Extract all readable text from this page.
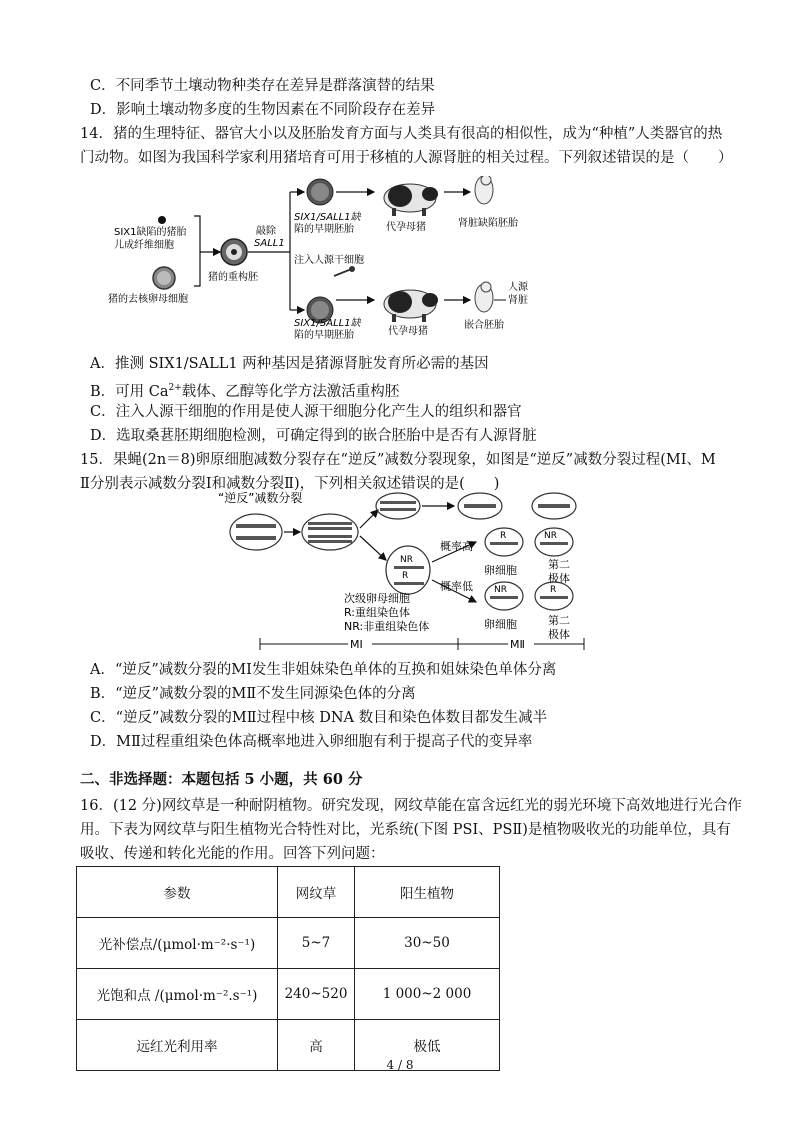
C．不同季节土壤动物种类存在差异是群落演替的结果
D．影响土壤动物多度的生物因素在不同阶段存在差异
14．猪的生理特征、器官大小以及胚胎发育方面与人类具有很高的相似性，成为“种植”人类器官的热
门动物。如图为我国科学家利用猪培育可用于移植的人源肾脏的相关过程。下列叙述错误的是（　　）
SIX1缺陷的猪胎
儿成纤维细胞
猪的去核卵母细胞
猪的重构胚
敲除
SALL1
SIX1/SALL1缺
陷的早期胚胎	代孕母猪	肾脏缺陷胚胎
注入人源干细胞
SIX1/SALL1缺
陷的早期胚胎	代孕母猪
嵌合胚胎
人源
肾脏
A．推测 SIX1/SALL1 两种基因是猪源肾脏发育所必需的基因
B．可用 $Ca^{2+}$载体、乙醇等化学方法激活重构胚
C．注入人源干细胞的作用是使人源干细胞分化产生人的组织和器官
D．选取桑葚胚期细胞检测，可确定得到的嵌合胚胎中是否有人源肾脏
15．果蝇(2n＝8)卵原细胞减数分裂存在“逆反”减数分裂现象，如图是“逆反”减数分裂过程(MⅠ、M
Ⅱ分别表示减数分裂Ⅰ和减数分裂Ⅱ)，下列相关叙述错误的是(　　)
“逆反”减数分裂
NR
R
概率高
概率低
R	NR
卵细胞	第二
极体
NR	R
卵细胞	第二
极体
次级卵母细胞
R:重组染色体
NR:非重组染色体
MⅠ	MⅡ
A．“逆反”减数分裂的MⅠ发生非姐妹染色单体的互换和姐妹染色单体分离
B．“逆反”减数分裂的MⅡ不发生同源染色体的分离
C．“逆反”减数分裂的MⅡ过程中核 DNA 数目和染色体数目都发生减半
D．MⅡ过程重组染色体高概率地进入卵细胞有利于提高子代的变异率
二、非选择题：本题包括 5 小题，共 60 分
16．(12 分)网纹草是一种耐阴植物。研究发现，网纹草能在富含远红光的弱光环境下高效地进行光合作
用。下表为网纹草与阳生植物光合特性对比，光系统(下图 PSⅠ、PSⅡ)是植物吸收光的功能单位，具有
吸收、传递和转化光能的作用。回答下列问题：
参数	网纹草	阳生植物
光补偿点/(μmol·m⁻²·s⁻¹)	5~7	30~50
光饱和点 /(μmol·m⁻².s⁻¹)	240~520	1 000~2 000
远红光利用率	高	极低
4 / 8
